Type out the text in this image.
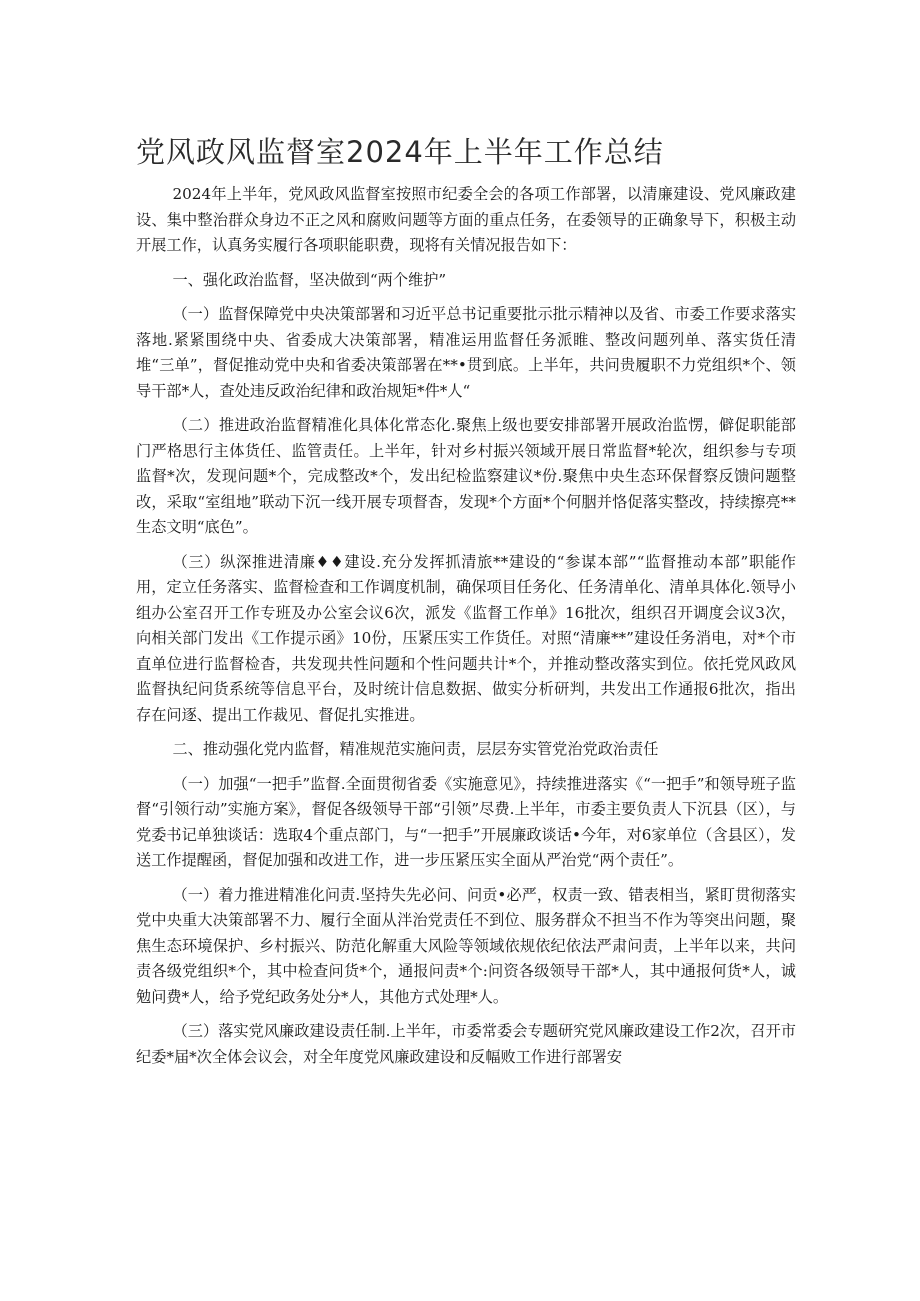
党风政风监督室2024年上半年工作总结

2024年上半年，党风政风监督室按照市纪委全会的各项工作部署，以清廉建设、党风廉政建设、集中整治群众身边不正之风和腐败问题等方面的重点任务，在委领导的正确象导下，积极主动开展工作，认真务实履行各项职能职费，现将有关情况报告如下：

一、强化政治监督，坚决做到“两个维护”

（一）监督保障党中央决策部署和习近平总书记重要批示批示精神以及省、市委工作要求落实落地.紧紧围绕中央、省委成大决策部署，精准运用监督任务派睢、整改问题列单、落实货任清堆“三单”，督促推动党中央和省委决策部署在**•贯到底。上半年，共问贵履职不力党组织*个、领导干部*人，查处违反政治纪律和政治规矩*件*人“

（二）推进政治监督精准化具体化常态化.聚焦上级也要安排部署开展政治监愣，僻促职能部门严格思行主体货任、监管责任。上半年，针对乡村振兴领域开展日常监督*轮次，组织参与专项监督*次，发现问题*个，完成整改*个，发出纪检监察建议*份.聚焦中央生态环保督察反馈问题整改，采取“室组地”联动下沉一线开展专项督杳，发现*个方面*个何胭并恪促落实整改，持续擦亮**生态文明“底色”。

（三）纵深推进清廉♦♦建设.充分发挥抓清旅**建设的“参谋本部”“监督推动本部”职能作用，定立任务落实、监督检查和工作调度机制，确保项目任务化、任务清单化、清单具体化.领导小组办公室召开工作专班及办公室会议6次，派发《监督工作单》16批次，组织召开调度会议3次，向相关部门发出《工作提示函》10份，压紧压实工作货任。对照“清廉**”建设任务消电，对*个市直单位进行监督检杳，共发现共性问题和个性问题共计*个，并推动整改落实到位。依托党风政风监督执纪问货系统等信息平台，及时统计信息数据、做实分析研判，共发出工作通报6批次，指出存在问逐、提出工作裁见、督促扎实推进。

二、推动强化党内监督，精准规范实施问责，层层夯实管党治党政治责任

（一）加强“一把手”监督.全面贯彻省委《实施意见》，持续推进落实《“一把手”和领导班子监督“引领行动”实施方案》，督促各级领导干部“引领”尽费.上半年，市委主要负责人下沉县（区），与党委书记单独谈话：选取4个重点部门，与“一把手”开展廉政谈话•今年，对6家单位（含县区），发送工作提醒函，督促加强和改进工作，进一步压紧压实全面从严治党“两个责任”。

（一）着力推进精准化问责.坚持失先必问、问贡•必严，权责一致、错表相当，紧盯贯彻落实党中央重大决策部署不力、履行全面从泮治党责任不到位、服务群众不担当不作为等突出问题，聚焦生态环境保护、乡村振兴、防范化解重大风险等领域依规依纪依法严肃问责，上半年以来，共问责各级党组织*个，其中检查问货*个，通报问责*个:问资各级领导干部*人，其中通报何货*人，诚勉问费*人，给予党纪政务处分*人，其他方式处理*人。

（三）落实党风廉政建设责任制.上半年，市委常委会专题研究党风廉政建设工作2次，召开市纪委*届*次全体会议会，对全年度党风廉政建设和反幅败工作进行部署安
